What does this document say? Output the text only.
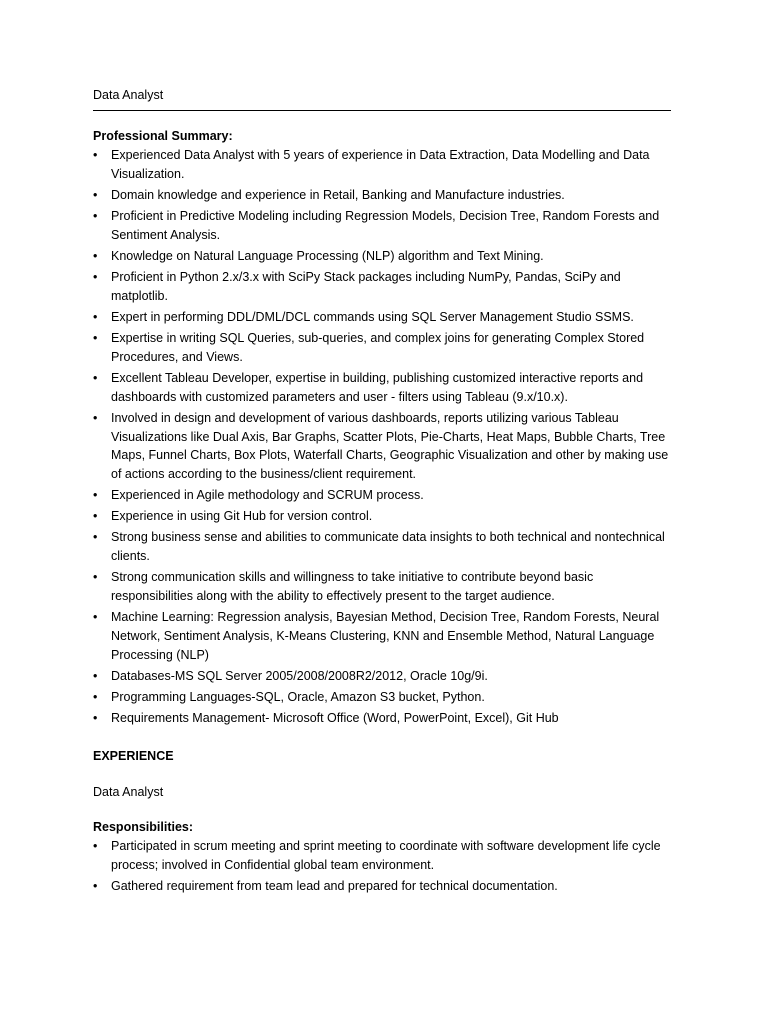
Data Analyst

Professional Summary:

•	Experienced Data Analyst with 5 years of experience in Data Extraction, Data Modelling and Data Visualization.
•	Domain knowledge and experience in Retail, Banking and Manufacture industries.
•	Proficient in Predictive Modeling including Regression Models, Decision Tree, Random Forests and Sentiment Analysis.
•	Knowledge on Natural Language Processing (NLP) algorithm and Text Mining.
•	Proficient in Python 2.x/3.x with SciPy Stack packages including NumPy, Pandas, SciPy and matplotlib.
•	Expert in performing DDL/DML/DCL commands using SQL Server Management Studio SSMS.
•	Expertise in writing SQL Queries, sub-queries, and complex joins for generating Complex Stored Procedures, and Views.
•	Excellent Tableau Developer, expertise in building, publishing customized interactive reports and dashboards with customized parameters and user - filters using Tableau (9.x/10.x).
•	Involved in design and development of various dashboards, reports utilizing various Tableau Visualizations like Dual Axis, Bar Graphs, Scatter Plots, Pie-Charts, Heat Maps, Bubble Charts, Tree Maps, Funnel Charts, Box Plots, Waterfall Charts, Geographic Visualization and other by making use of actions according to the business/client requirement.
•	Experienced in Agile methodology and SCRUM process.
•	Experience in using Git Hub for version control.
•	Strong business sense and abilities to communicate data insights to both technical and nontechnical clients.
•	Strong communication skills and willingness to take initiative to contribute beyond basic responsibilities along with the ability to effectively present to the target audience.
•	Machine Learning: Regression analysis, Bayesian Method, Decision Tree, Random Forests, Neural Network, Sentiment Analysis, K-Means Clustering, KNN and Ensemble Method, Natural Language Processing (NLP)
•	Databases-MS SQL Server 2005/2008/2008R2/2012, Oracle 10g/9i.
•	Programming Languages-SQL, Oracle, Amazon S3 bucket, Python.
•	Requirements Management- Microsoft Office (Word, PowerPoint, Excel), Git Hub

EXPERIENCE

Data Analyst

Responsibilities:

•	Participated in scrum meeting and sprint meeting to coordinate with software development life cycle process; involved in Confidential global team environment.
•	Gathered requirement from team lead and prepared for technical documentation.
